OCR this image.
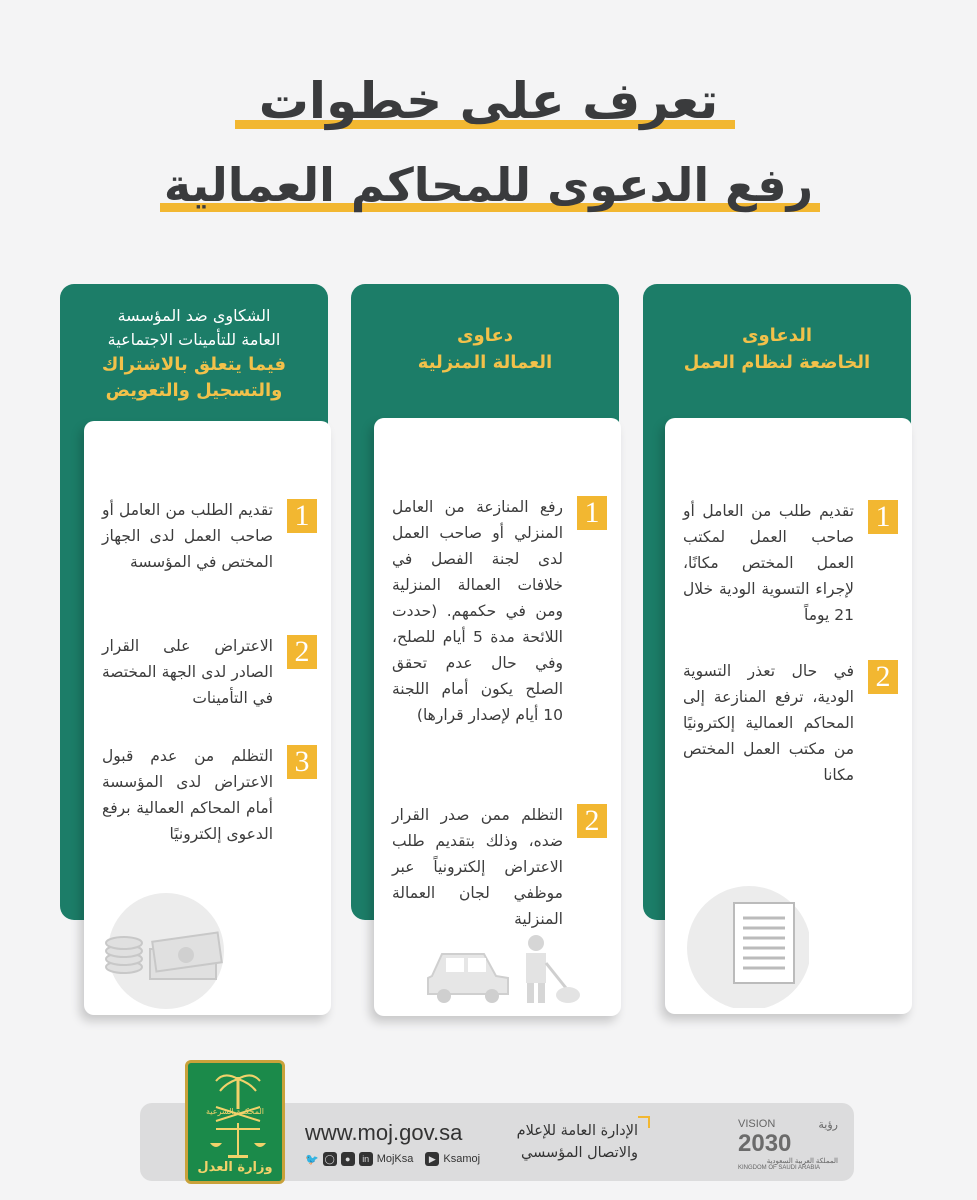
تعرف على خطوات
رفع الدعوى للمحاكم العمالية
الدعاوى
الخاضعة لنظام العمل
1
تقديم طلب من العامل أو صاحب العمل لمكتب العمل المختص مكانًا، لإجراء التسوية الودية خلال 21 يوماً
2
في حال تعذر التسوية الودية، ترفع المنازعة إلى المحاكم العمالية إلكترونيًا من مكتب العمل المختص مكانا
دعاوى
العمالة المنزلية
1
رفع المنازعة من العامل المنزلي أو صاحب العمل لدى لجنة الفصل في خلافات العمالة المنزلية ومن في حكمهم. (حددت اللائحة مدة 5 أيام للصلح، وفي حال عدم تحقق الصلح يكون أمام اللجنة 10 أيام لإصدار قرارها)
2
التظلم ممن صدر القرار ضده، وذلك بتقديم طلب الاعتراض إلكترونياً عبر موظفي لجان العمالة المنزلية
الشكاوى ضد المؤسسة
العامة للتأمينات الاجتماعية
فيما يتعلق بالاشتراك
والتسجيل والتعويض
1
تقديم الطلب من العامل أو صاحب العمل لدى الجهاز المختص في المؤسسة
2
الاعتراض على القرار الصادر لدى الجهة المختصة في التأمينات
3
التظلم من عدم قبول الاعتراض لدى المؤسسة أمام المحاكم العمالية برفع الدعوى إلكترونيًا
المحكمة الشرعية
وزارة العدل
www.moj.gov.sa
🐦 ◯	●	in MojKsa	▶ Ksamoj
الإدارة العامة للإعلام
والاتصال المؤسسي
VISION	رؤية
2030
المملكة العربية السعودية
KINGDOM OF SAUDI ARABIA
